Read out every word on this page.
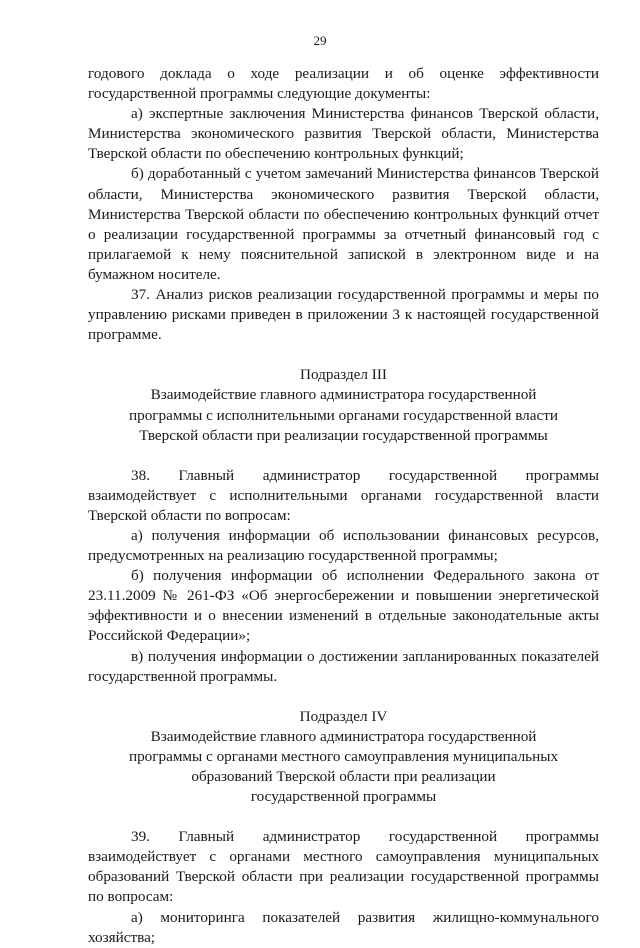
29

годового доклада о ходе реализации и об оценке эффективности государственной программы следующие документы:

а) экспертные заключения Министерства финансов Тверской области, Министерства экономического развития Тверской области, Министерства Тверской области по обеспечению контрольных функций;

б) доработанный с учетом замечаний Министерства финансов Тверской области, Министерства экономического развития Тверской области, Министерства Тверской области по обеспечению контрольных функций отчет о реализации государственной программы за отчетный финансовый год с прилагаемой к нему пояснительной запиской в электронном виде и на бумажном носителе.

37. Анализ рисков реализации государственной программы и меры по управлению рисками приведен в приложении 3 к настоящей государственной программе.

Подраздел III
Взаимодействие главного администратора государственной
программы с исполнительными органами государственной власти
Тверской области при реализации государственной программы

38. Главный администратор государственной программы взаимодействует с исполнительными органами государственной власти Тверской области по вопросам:

а) получения информации об использовании финансовых ресурсов, предусмотренных на реализацию государственной программы;

б) получения информации об исполнении Федерального закона от 23.11.2009 № 261-ФЗ «Об энергосбережении и повышении энергетической эффективности и о внесении изменений в отдельные законодательные акты Российской Федерации»;

в) получения информации о достижении запланированных показателей государственной программы.

Подраздел IV
Взаимодействие главного администратора государственной
программы с органами местного самоуправления муниципальных
образований Тверской области при реализации
государственной программы

39. Главный администратор государственной программы взаимодействует с органами местного самоуправления муниципальных образований Тверской области при реализации государственной программы по вопросам:

а) мониторинга показателей развития жилищно-коммунального хозяйства;
